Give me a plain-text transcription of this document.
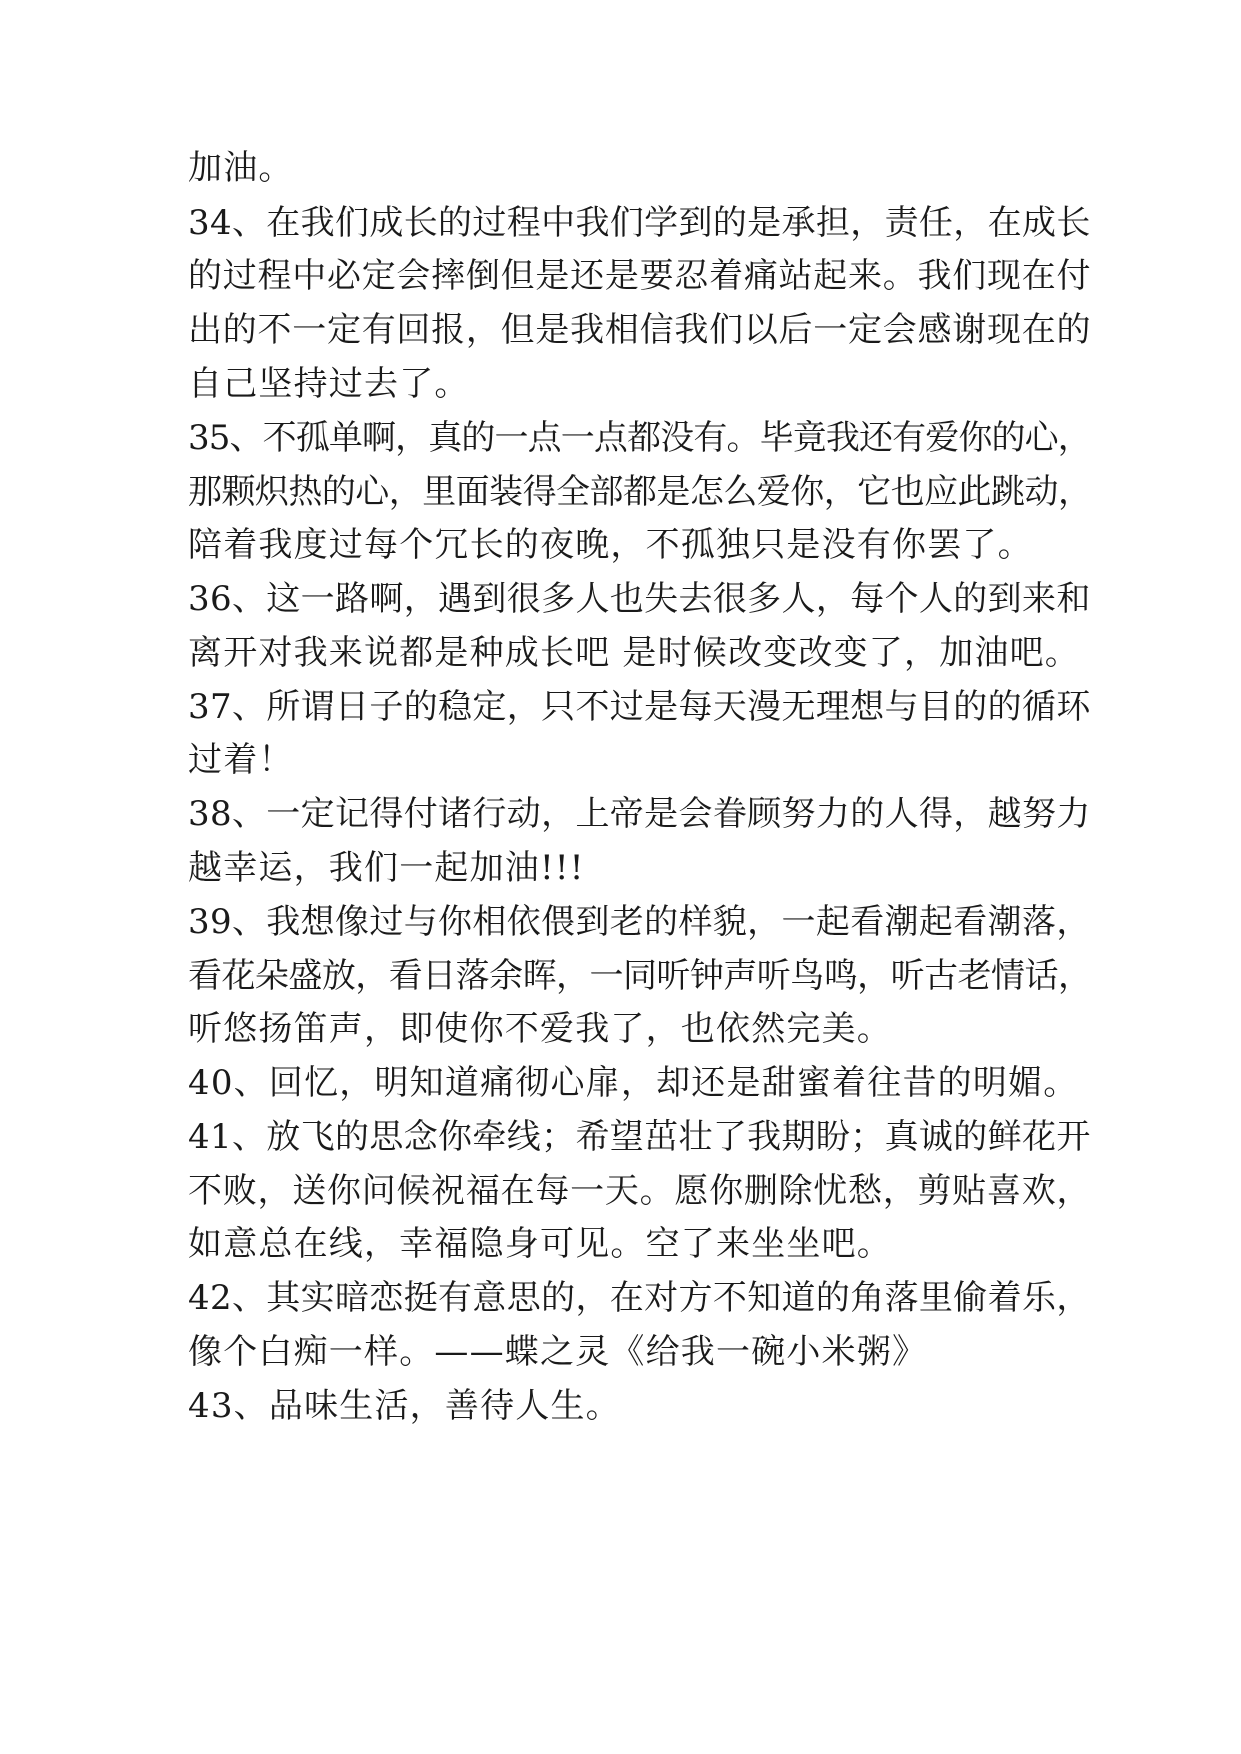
加油。
34、在我们成长的过程中我们学到的是承担，责任，在成长
的过程中必定会摔倒但是还是要忍着痛站起来。我们现在付
出的不一定有回报，但是我相信我们以后一定会感谢现在的
自己坚持过去了。
35、不孤单啊，真的一点一点都没有。毕竟我还有爱你的心，
那颗炽热的心，里面装得全部都是怎么爱你，它也应此跳动，
陪着我度过每个冗长的夜晚，不孤独只是没有你罢了。
36、这一路啊，遇到很多人也失去很多人，每个人的到来和
离开对我来说都是种成长吧 是时候改变改变了，加油吧。
37、所谓日子的稳定，只不过是每天漫无理想与目的的循环
过着！
38、一定记得付诸行动，上帝是会眷顾努力的人得，越努力
越幸运，我们一起加油!!!
39、我想像过与你相依偎到老的样貌，一起看潮起看潮落，
看花朵盛放，看日落余晖，一同听钟声听鸟鸣，听古老情话，
听悠扬笛声，即使你不爱我了，也依然完美。
40、回忆，明知道痛彻心扉，却还是甜蜜着往昔的明媚。
41、放飞的思念你牵线；希望茁壮了我期盼；真诚的鲜花开
不败，送你问候祝福在每一天。愿你删除忧愁，剪贴喜欢，
如意总在线，幸福隐身可见。空了来坐坐吧。
42、其实暗恋挺有意思的，在对方不知道的角落里偷着乐，
像个白痴一样。——蝶之灵《给我一碗小米粥》
43、品味生活，善待人生。
